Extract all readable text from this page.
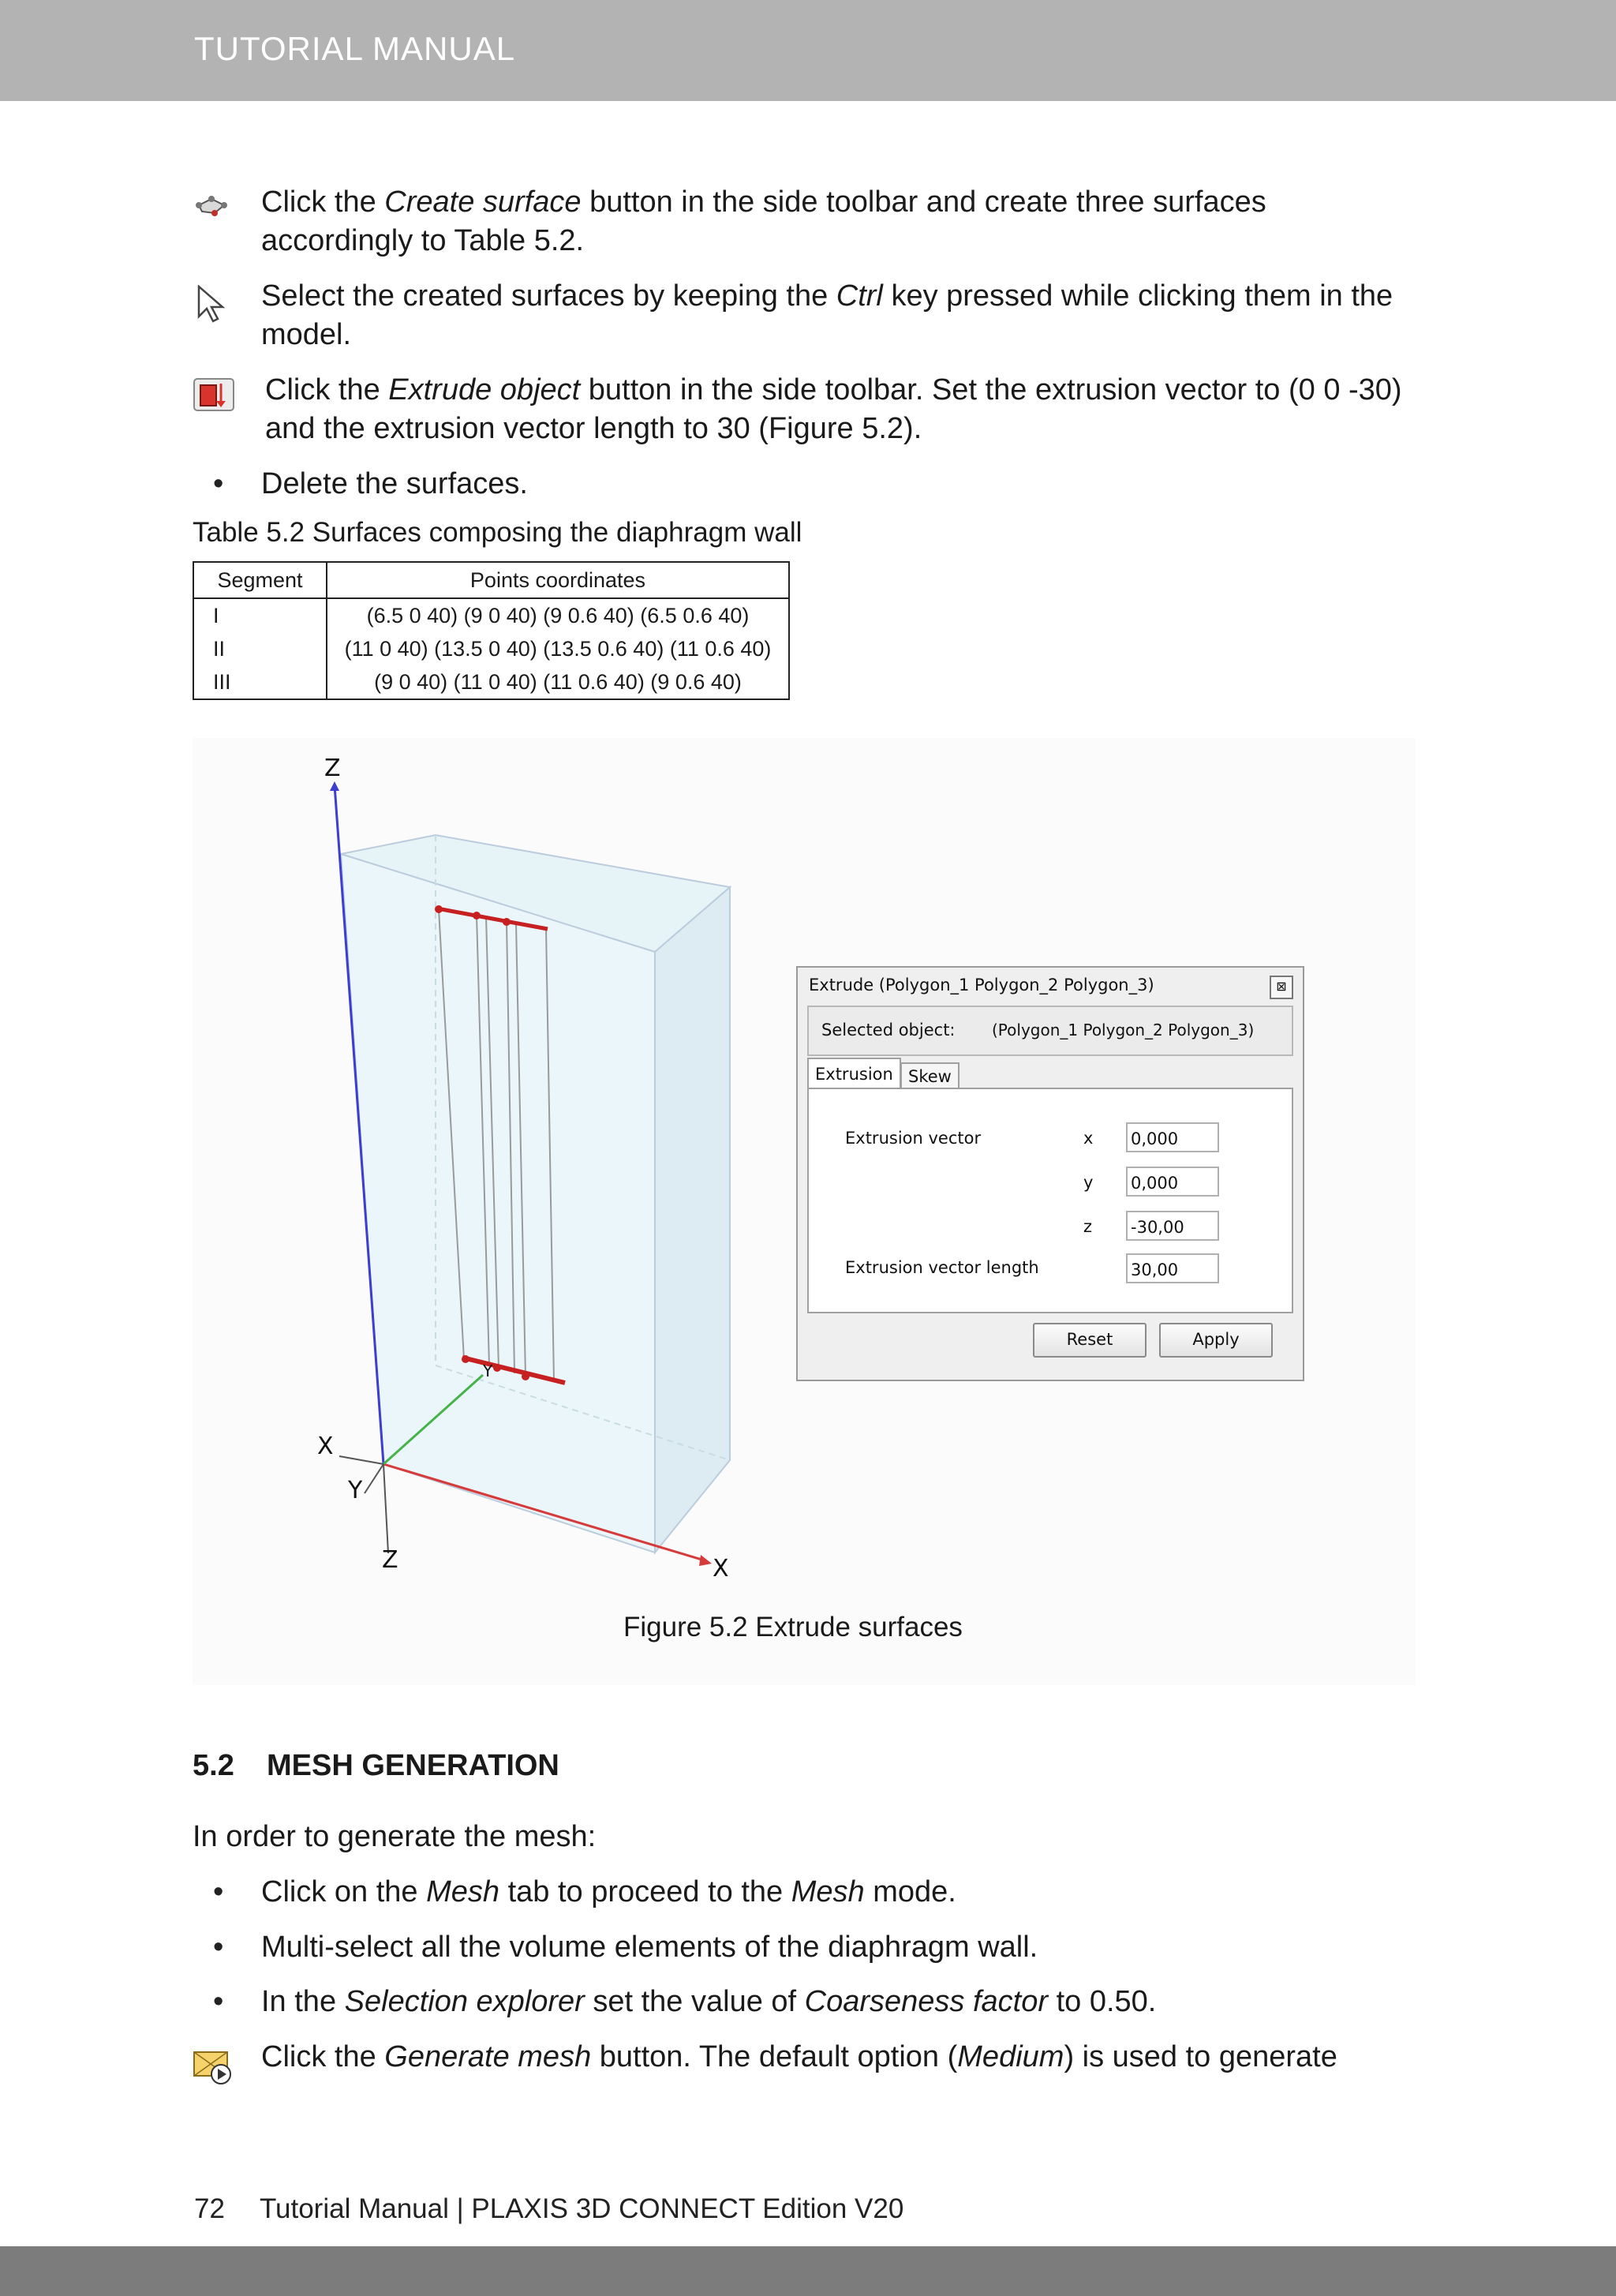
TUTORIAL MANUAL
Click the Create surface button in the side toolbar and create three surfaces accordingly to Table 5.2.
Select the created surfaces by keeping the Ctrl key pressed while clicking them in the model.
Click the Extrude object button in the side toolbar. Set the extrusion vector to (0 0 -30) and the extrusion vector length to 30 (Figure 5.2).
•	Delete the surfaces.
Table 5.2 Surfaces composing the diaphragm wall
Segment	Points coordinates
I	(6.5 0 40) (9 0 40) (9 0.6 40) (6.5 0.6 40)
II	(11 0 40) (13.5 0 40) (13.5 0.6 40) (11 0.6 40)
III	(9 0 40) (11 0 40) (11 0.6 40) (9 0.6 40)
Z
X
Y
Z	X
Y
Extrude (Polygon_1 Polygon_2 Polygon_3)	⊠
Selected object: (Polygon_1 Polygon_2 Polygon_3)
Extrusion Skew
Extrusion vector	x 0,000
y 0,000
z -30,00
Extrusion vector length	30,00
Reset	Apply
Figure 5.2 Extrude surfaces
5.2 MESH GENERATION
In order to generate the mesh:
•	Click on the Mesh tab to proceed to the Mesh mode.
•	Multi-select all the volume elements of the diaphragm wall.
•	In the Selection explorer set the value of Coarseness factor to 0.50.
Click the Generate mesh button. The default option (Medium) is used to generate
72 Tutorial Manual | PLAXIS 3D CONNECT Edition V20
